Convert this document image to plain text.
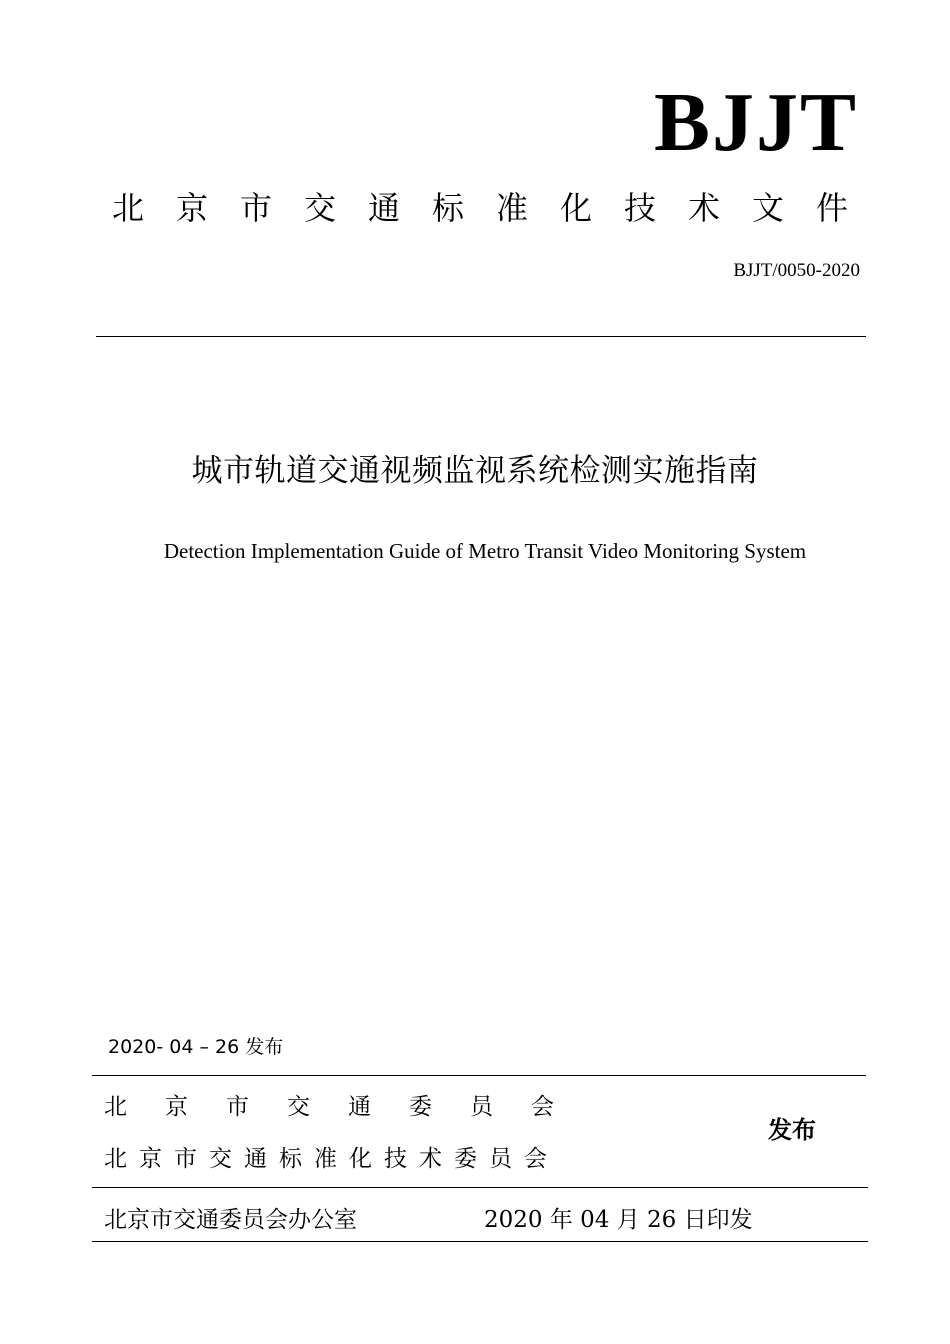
BJJT
北京市交通标准化技术文件
BJJT/0050-2020
城市轨道交通视频监视系统检测实施指南
Detection Implementation Guide of Metro Transit Video Monitoring System
2020- 04 – 26 发布
北京市交通委员会
北京市交通标准化技术委员会
发布
北京市交通委员会办公室	2020 年 04 月 26 日印发
